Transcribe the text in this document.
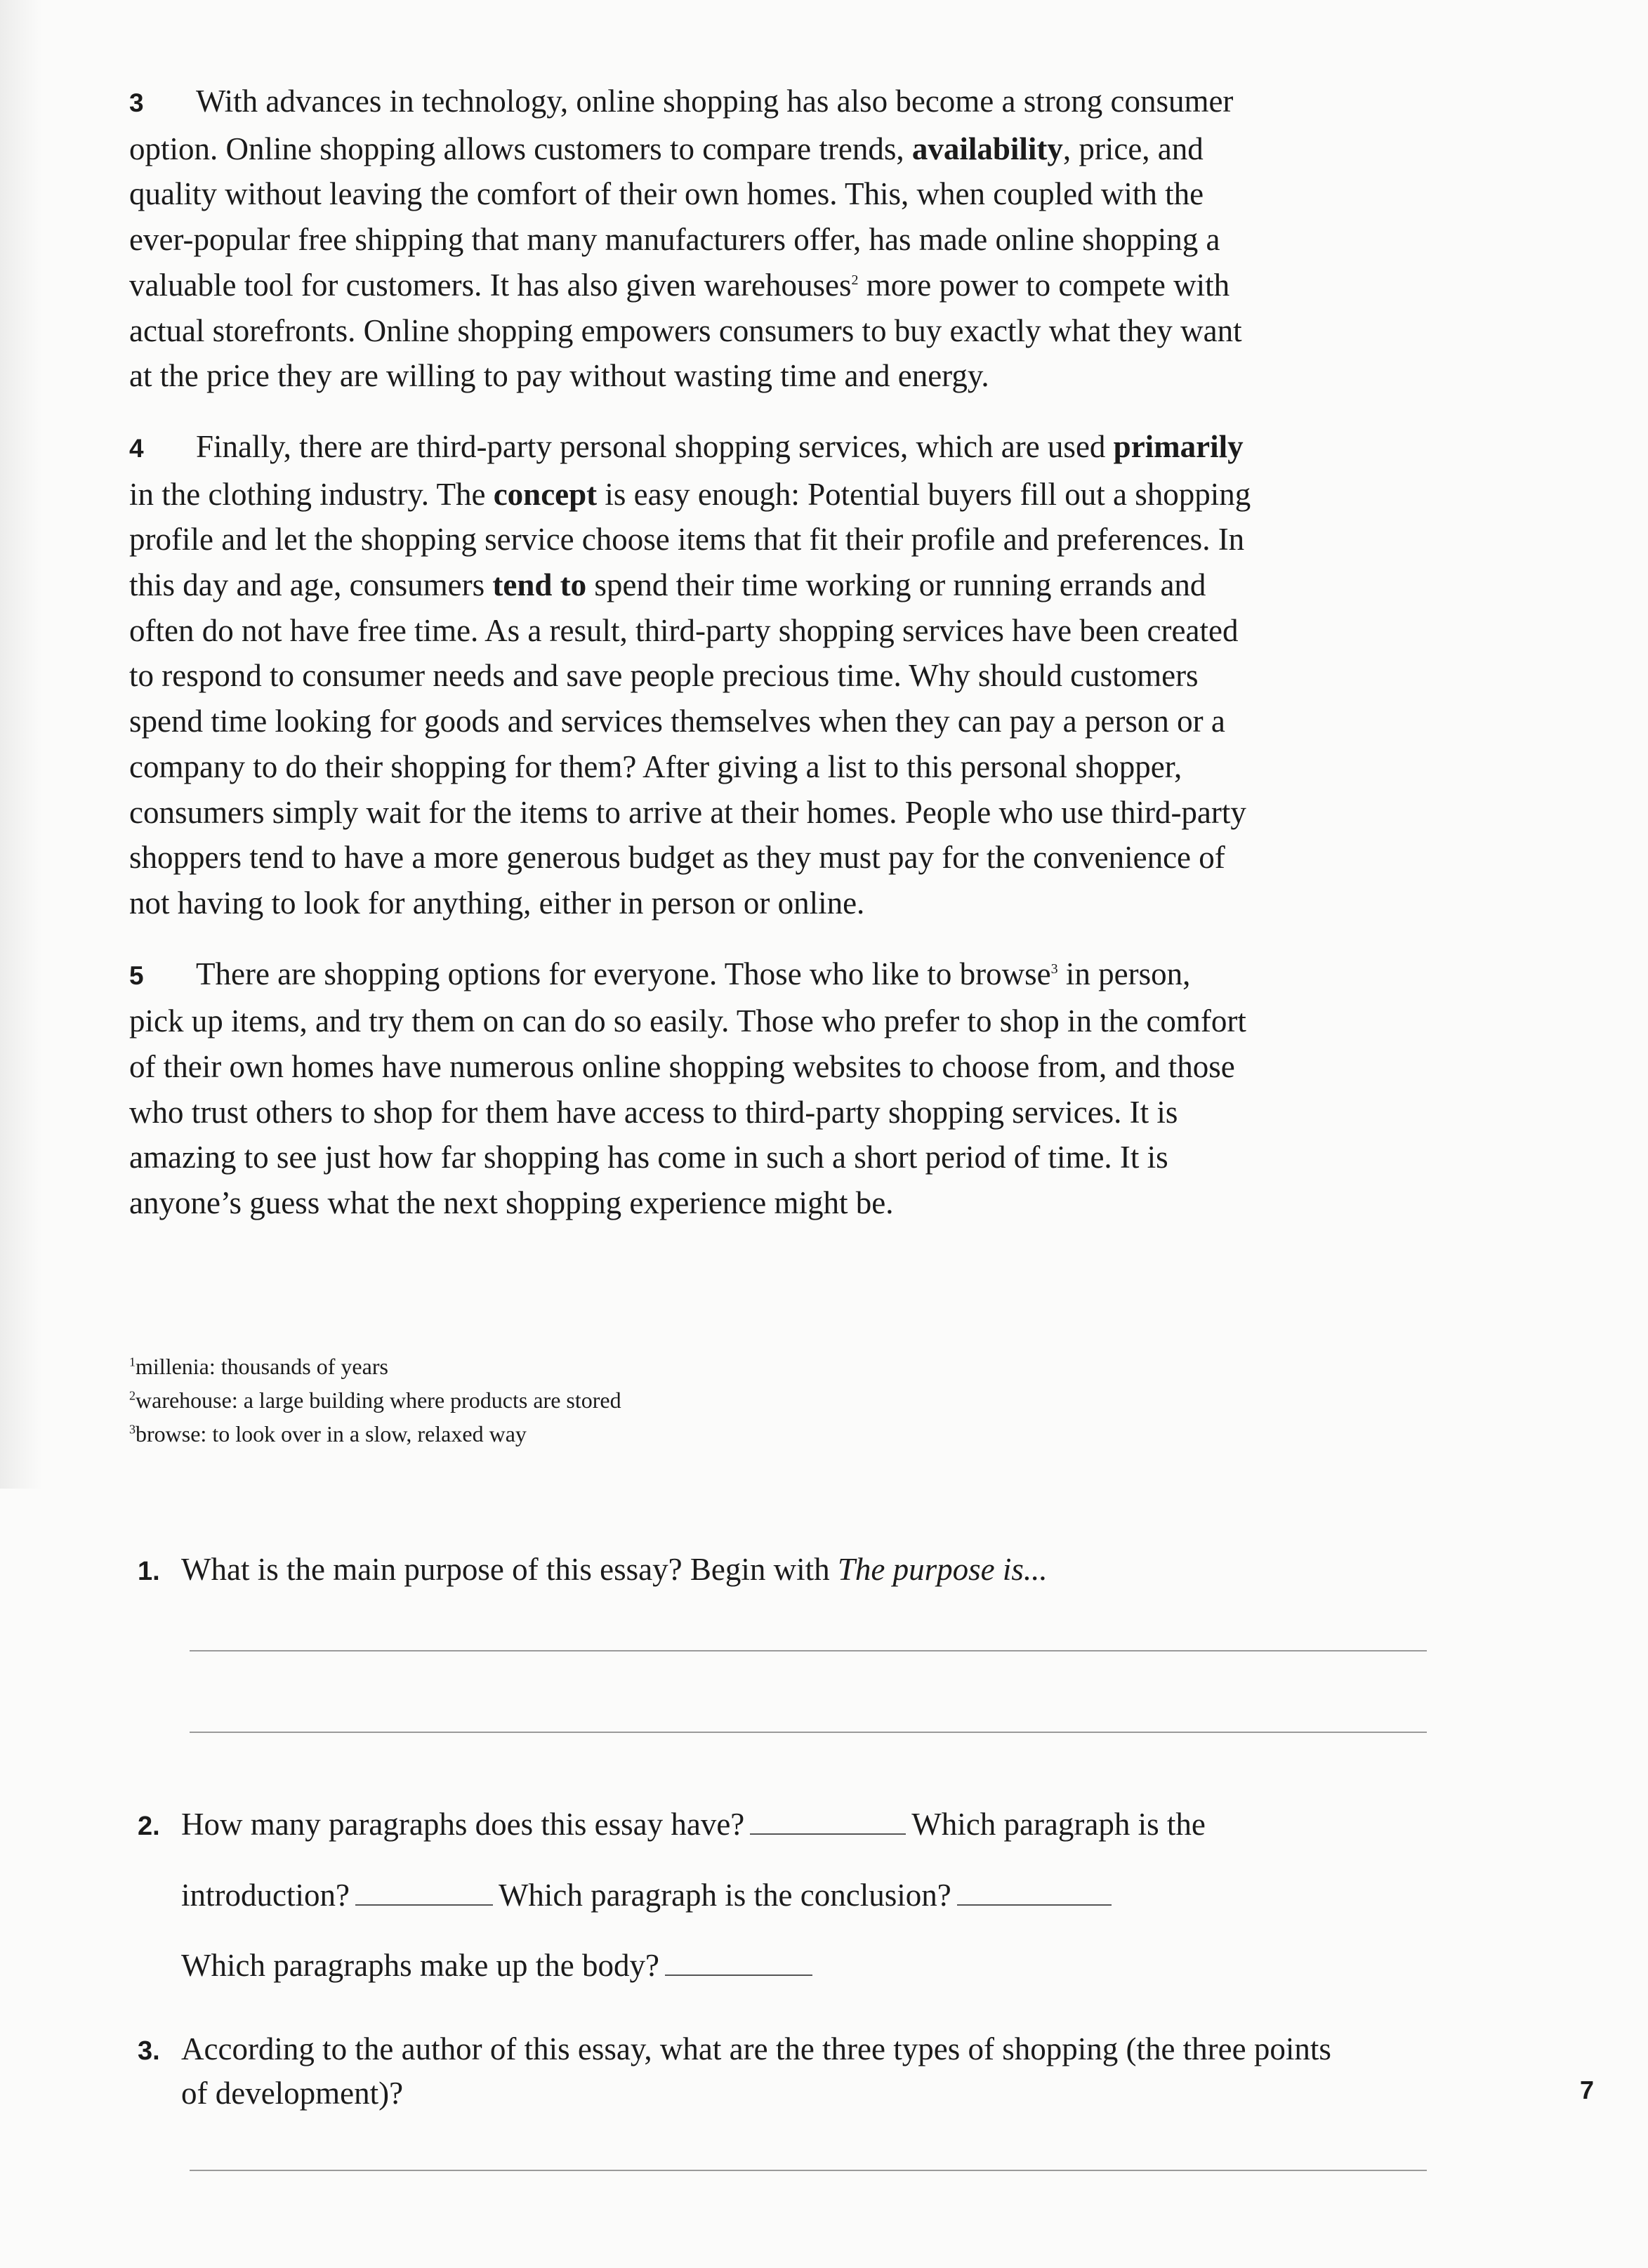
3 With advances in technology, online shopping has also become a strong consumer option. Online shopping allows customers to compare trends, availability, price, and quality without leaving the comfort of their own homes. This, when coupled with the ever-popular free shipping that many manufacturers offer, has made online shopping a valuable tool for customers. It has also given warehouses$^2$ more power to compete with actual storefronts. Online shopping empowers consumers to buy exactly what they want at the price they are willing to pay without wasting time and energy.

4 Finally, there are third-party personal shopping services, which are used primarily in the clothing industry. The concept is easy enough: Potential buyers fill out a shopping profile and let the shopping service choose items that fit their profile and preferences. In this day and age, consumers tend to spend their time working or running errands and often do not have free time. As a result, third-party shopping services have been created to respond to consumer needs and save people precious time. Why should customers spend time looking for goods and services themselves when they can pay a person or a company to do their shopping for them? After giving a list to this personal shopper, consumers simply wait for the items to arrive at their homes. People who use third-party shoppers tend to have a more generous budget as they must pay for the convenience of not having to look for anything, either in person or online.

5 There are shopping options for everyone. Those who like to browse$^3$ in person, pick up items, and try them on can do so easily. Those who prefer to shop in the comfort of their own homes have numerous online shopping websites to choose from, and those who trust others to shop for them have access to third-party shopping services. It is amazing to see just how far shopping has come in such a short period of time. It is anyone’s guess what the next shopping experience might be.

$^1$millenia: thousands of years
$^2$warehouse: a large building where products are stored
$^3$browse: to look over in a slow, relaxed way
1. What is the main purpose of this essay? Begin with The purpose is...
2. How many paragraphs does this essay have?	Which paragraph is the
introduction?	Which paragraph is the conclusion?
Which paragraphs make up the body?
3. According to the author of this essay, what are the three types of shopping (the three points
of development)?	7
